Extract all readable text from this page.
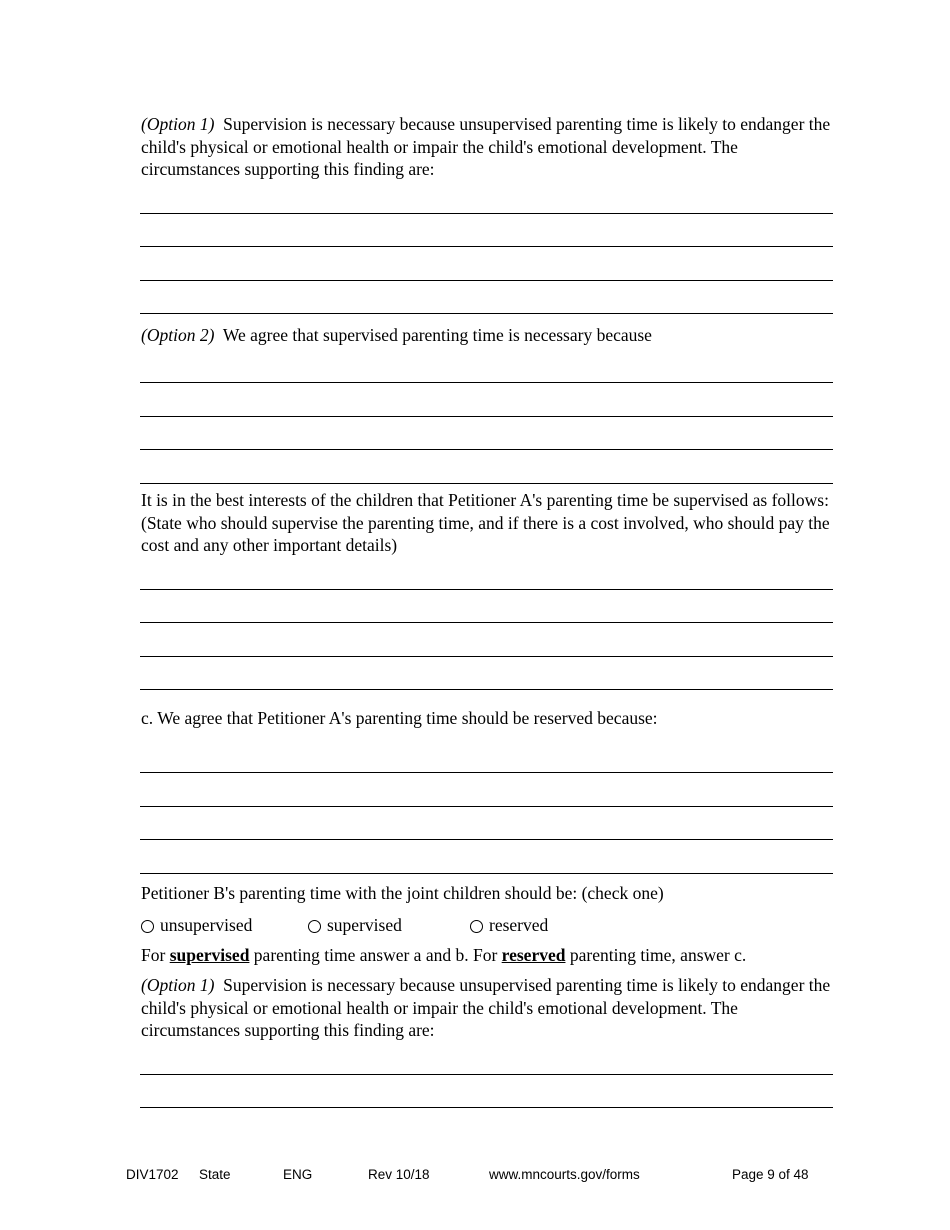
(Option 1) Supervision is necessary because unsupervised parenting time is likely to endanger the child's physical or emotional health or impair the child's emotional development. The circumstances supporting this finding are:

(Option 2) We agree that supervised parenting time is necessary because

It is in the best interests of the children that Petitioner A's parenting time be supervised as follows: (State who should supervise the parenting time, and if there is a cost involved, who should pay the cost and any other important details)

c. We agree that Petitioner A's parenting time should be reserved because:

Petitioner B's parenting time with the joint children should be: (check one)

unsupervised	supervised	reserved

For supervised parenting time answer a and b. For reserved parenting time, answer c.

(Option 1) Supervision is necessary because unsupervised parenting time is likely to endanger the child's physical or emotional health or impair the child's emotional development. The circumstances supporting this finding are:

DIV1702 State	ENG	Rev 10/18	www.mncourts.gov/forms	Page 9 of 48
